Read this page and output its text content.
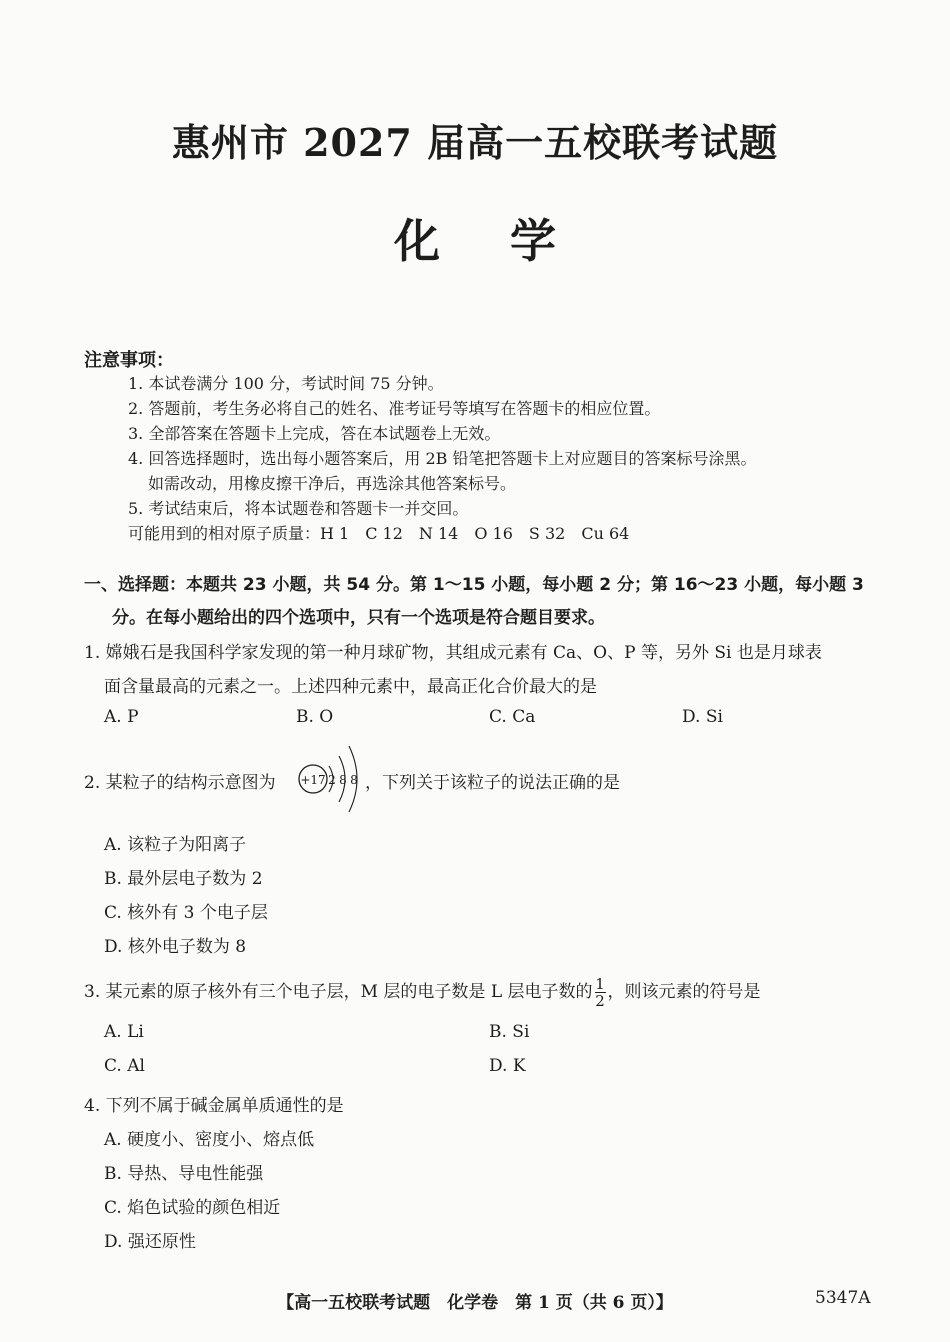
惠州市 2027 届高一五校联考试题
化学
注意事项：
1. 本试卷满分 100 分，考试时间 75 分钟。
2. 答题前，考生务必将自己的姓名、准考证号等填写在答题卡的相应位置。
3. 全部答案在答题卡上完成，答在本试题卷上无效。
4. 回答选择题时，选出每小题答案后，用 2B 铅笔把答题卡上对应题目的答案标号涂黑。
如需改动，用橡皮擦干净后，再选涂其他答案标号。
5. 考试结束后，将本试题卷和答题卡一并交回。
可能用到的相对原子质量：H 1　C 12　N 14　O 16　S 32　Cu 64
一、选择题：本题共 23 小题，共 54 分。第 1～15 小题，每小题 2 分；第 16～23 小题，每小题 3
分。在每小题给出的四个选项中，只有一个选项是符合题目要求。
1. 嫦娥石是我国科学家发现的第一种月球矿物，其组成元素有 Ca、O、P 等，另外 Si 也是月球表
面含量最高的元素之一。上述四种元素中，最高正化合价最大的是
A. P	B. O	C. Ca	D. Si
2. 某粒子的结构示意图为 +17 2 8 8 ，下列关于该粒子的说法正确的是
A. 该粒子为阳离子
B. 最外层电子数为 2
C. 核外有 3 个电子层
D. 核外电子数为 8
3. 某元素的原子核外有三个电子层，M 层的电子数是 L 层电子数的 $\frac{1}{2}$ ，则该元素的符号是
A. Li	B. Si
C. Al	D. K
4. 下列不属于碱金属单质通性的是
A. 硬度小、密度小、熔点低
B. 导热、导电性能强
C. 焰色试验的颜色相近
D. 强还原性
【高一五校联考试题　化学卷　第 1 页（共 6 页）】	5347A
